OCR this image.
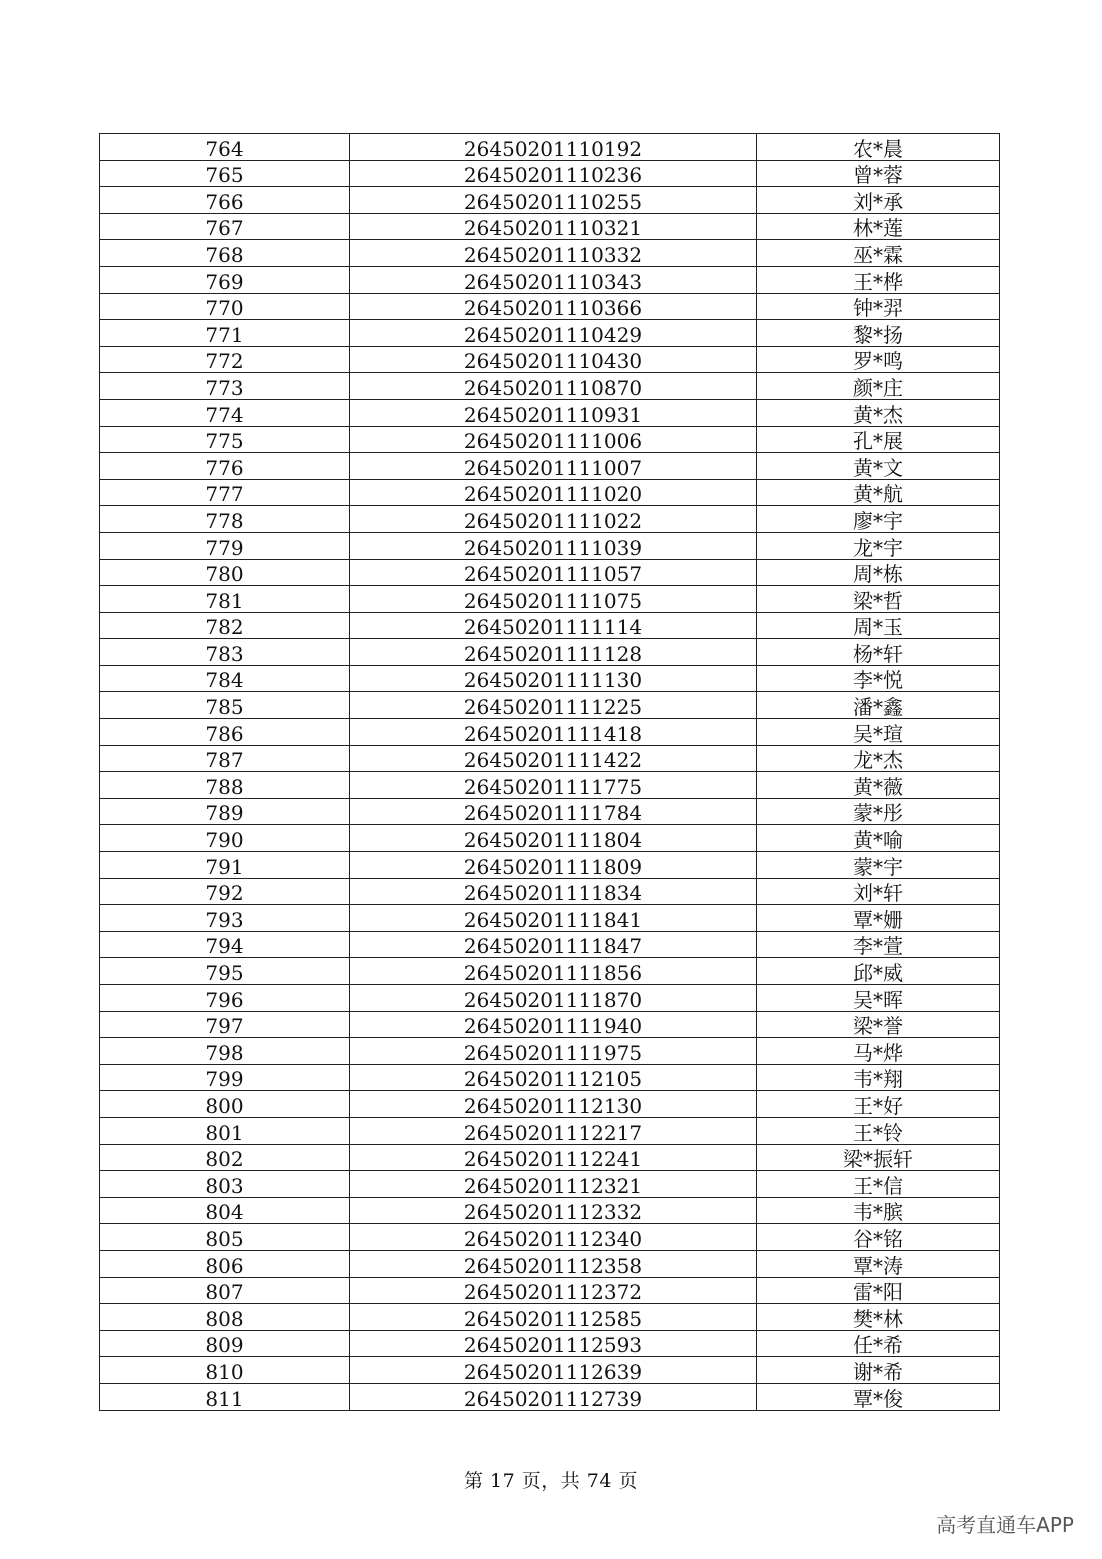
764	26450201110192	农*晨
765	26450201110236	曾*蓉
766	26450201110255	刘*承
767	26450201110321	林*莲
768	26450201110332	巫*霖
769	26450201110343	王*桦
770	26450201110366	钟*羿
771	26450201110429	黎*扬
772	26450201110430	罗*鸣
773	26450201110870	颜*庄
774	26450201110931	黄*杰
775	26450201111006	孔*展
776	26450201111007	黄*文
777	26450201111020	黄*航
778	26450201111022	廖*宇
779	26450201111039	龙*宇
780	26450201111057	周*栋
781	26450201111075	梁*哲
782	26450201111114	周*玉
783	26450201111128	杨*轩
784	26450201111130	李*悦
785	26450201111225	潘*鑫
786	26450201111418	吴*瑄
787	26450201111422	龙*杰
788	26450201111775	黄*薇
789	26450201111784	蒙*彤
790	26450201111804	黄*喻
791	26450201111809	蒙*宇
792	26450201111834	刘*轩
793	26450201111841	覃*姗
794	26450201111847	李*萱
795	26450201111856	邱*威
796	26450201111870	吴*晖
797	26450201111940	梁*誉
798	26450201111975	马*烨
799	26450201112105	韦*翔
800	26450201112130	王*好
801	26450201112217	王*铃
802	26450201112241	梁*振轩
803	26450201112321	王*信
804	26450201112332	韦*膑
805	26450201112340	谷*铭
806	26450201112358	覃*涛
807	26450201112372	雷*阳
808	26450201112585	樊*林
809	26450201112593	任*希
810	26450201112639	谢*希
811	26450201112739	覃*俊
第 17 页，共 74 页
高考直通车APP
